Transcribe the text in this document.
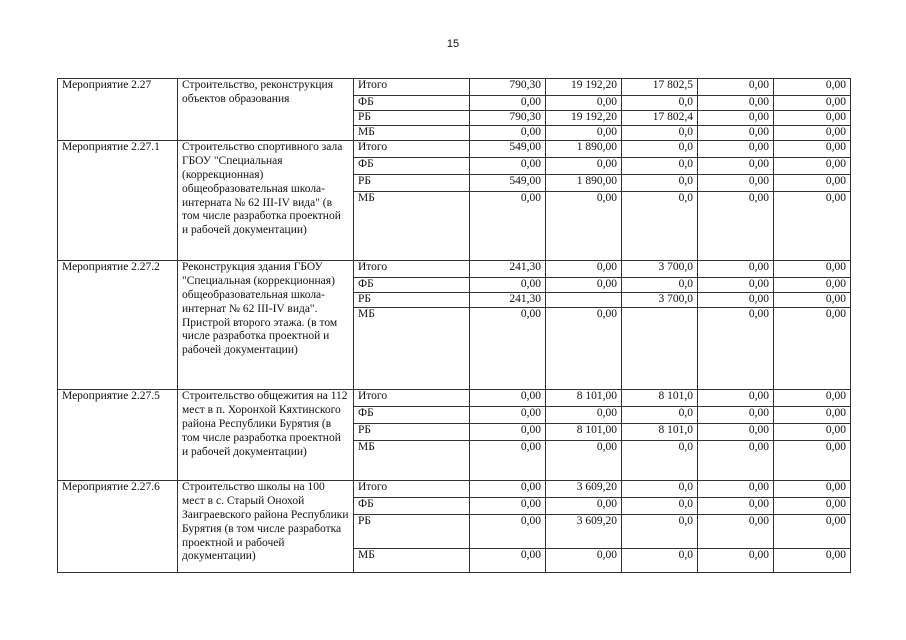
15
Мероприятие 2.27	Строительство, реконструкция объектов образования	Итого	790,30	19 192,20	17 802,5	0,00	0,00
		ФБ	0,00	0,00	0,0	0,00	0,00
		РБ	790,30	19 192,20	17 802,4	0,00	0,00
		МБ	0,00	0,00	0,0	0,00	0,00
Мероприятие 2.27.1	Строительство спортивного зала ГБОУ "Специальная (коррекционная) общеобразовательная школа-интерната № 62 III-IV вида" (в том числе разработка проектной и рабочей документации)	Итого	549,00	1 890,00	0,0	0,00	0,00
		ФБ	0,00	0,00	0,0	0,00	0,00
		РБ	549,00	1 890,00	0,0	0,00	0,00
		МБ	0,00	0,00	0,0	0,00	0,00
Мероприятие 2.27.2	Реконструкция здания ГБОУ "Специальная (коррекционная) общеобразовательная школа-интернат № 62 III-IV вида". Пристрой второго этажа. (в том числе разработка проектной и рабочей документации)	Итого	241,30	0,00	3 700,0	0,00	0,00
		ФБ	0,00	0,00	0,0	0,00	0,00
		РБ	241,30		3 700,0	0,00	0,00
		МБ	0,00	0,00		0,00	0,00
Мероприятие 2.27.5	Строительство общежития на 112 мест в п. Хоронхой Кяхтинского района Республики Бурятия (в том числе разработка проектной и рабочей документации)	Итого	0,00	8 101,00	8 101,0	0,00	0,00
		ФБ	0,00	0,00	0,0	0,00	0,00
		РБ	0,00	8 101,00	8 101,0	0,00	0,00
		МБ	0,00	0,00	0,0	0,00	0,00
Мероприятие 2.27.6	Строительство школы на 100 мест в с. Старый Онохой Заиграевского района Республики Бурятия (в том числе разработка проектной и рабочей документации)	Итого	0,00	3 609,20	0,0	0,00	0,00
		ФБ	0,00	0,00	0,0	0,00	0,00
		РБ	0,00	3 609,20	0,0	0,00	0,00
		МБ	0,00	0,00	0,0	0,00	0,00
